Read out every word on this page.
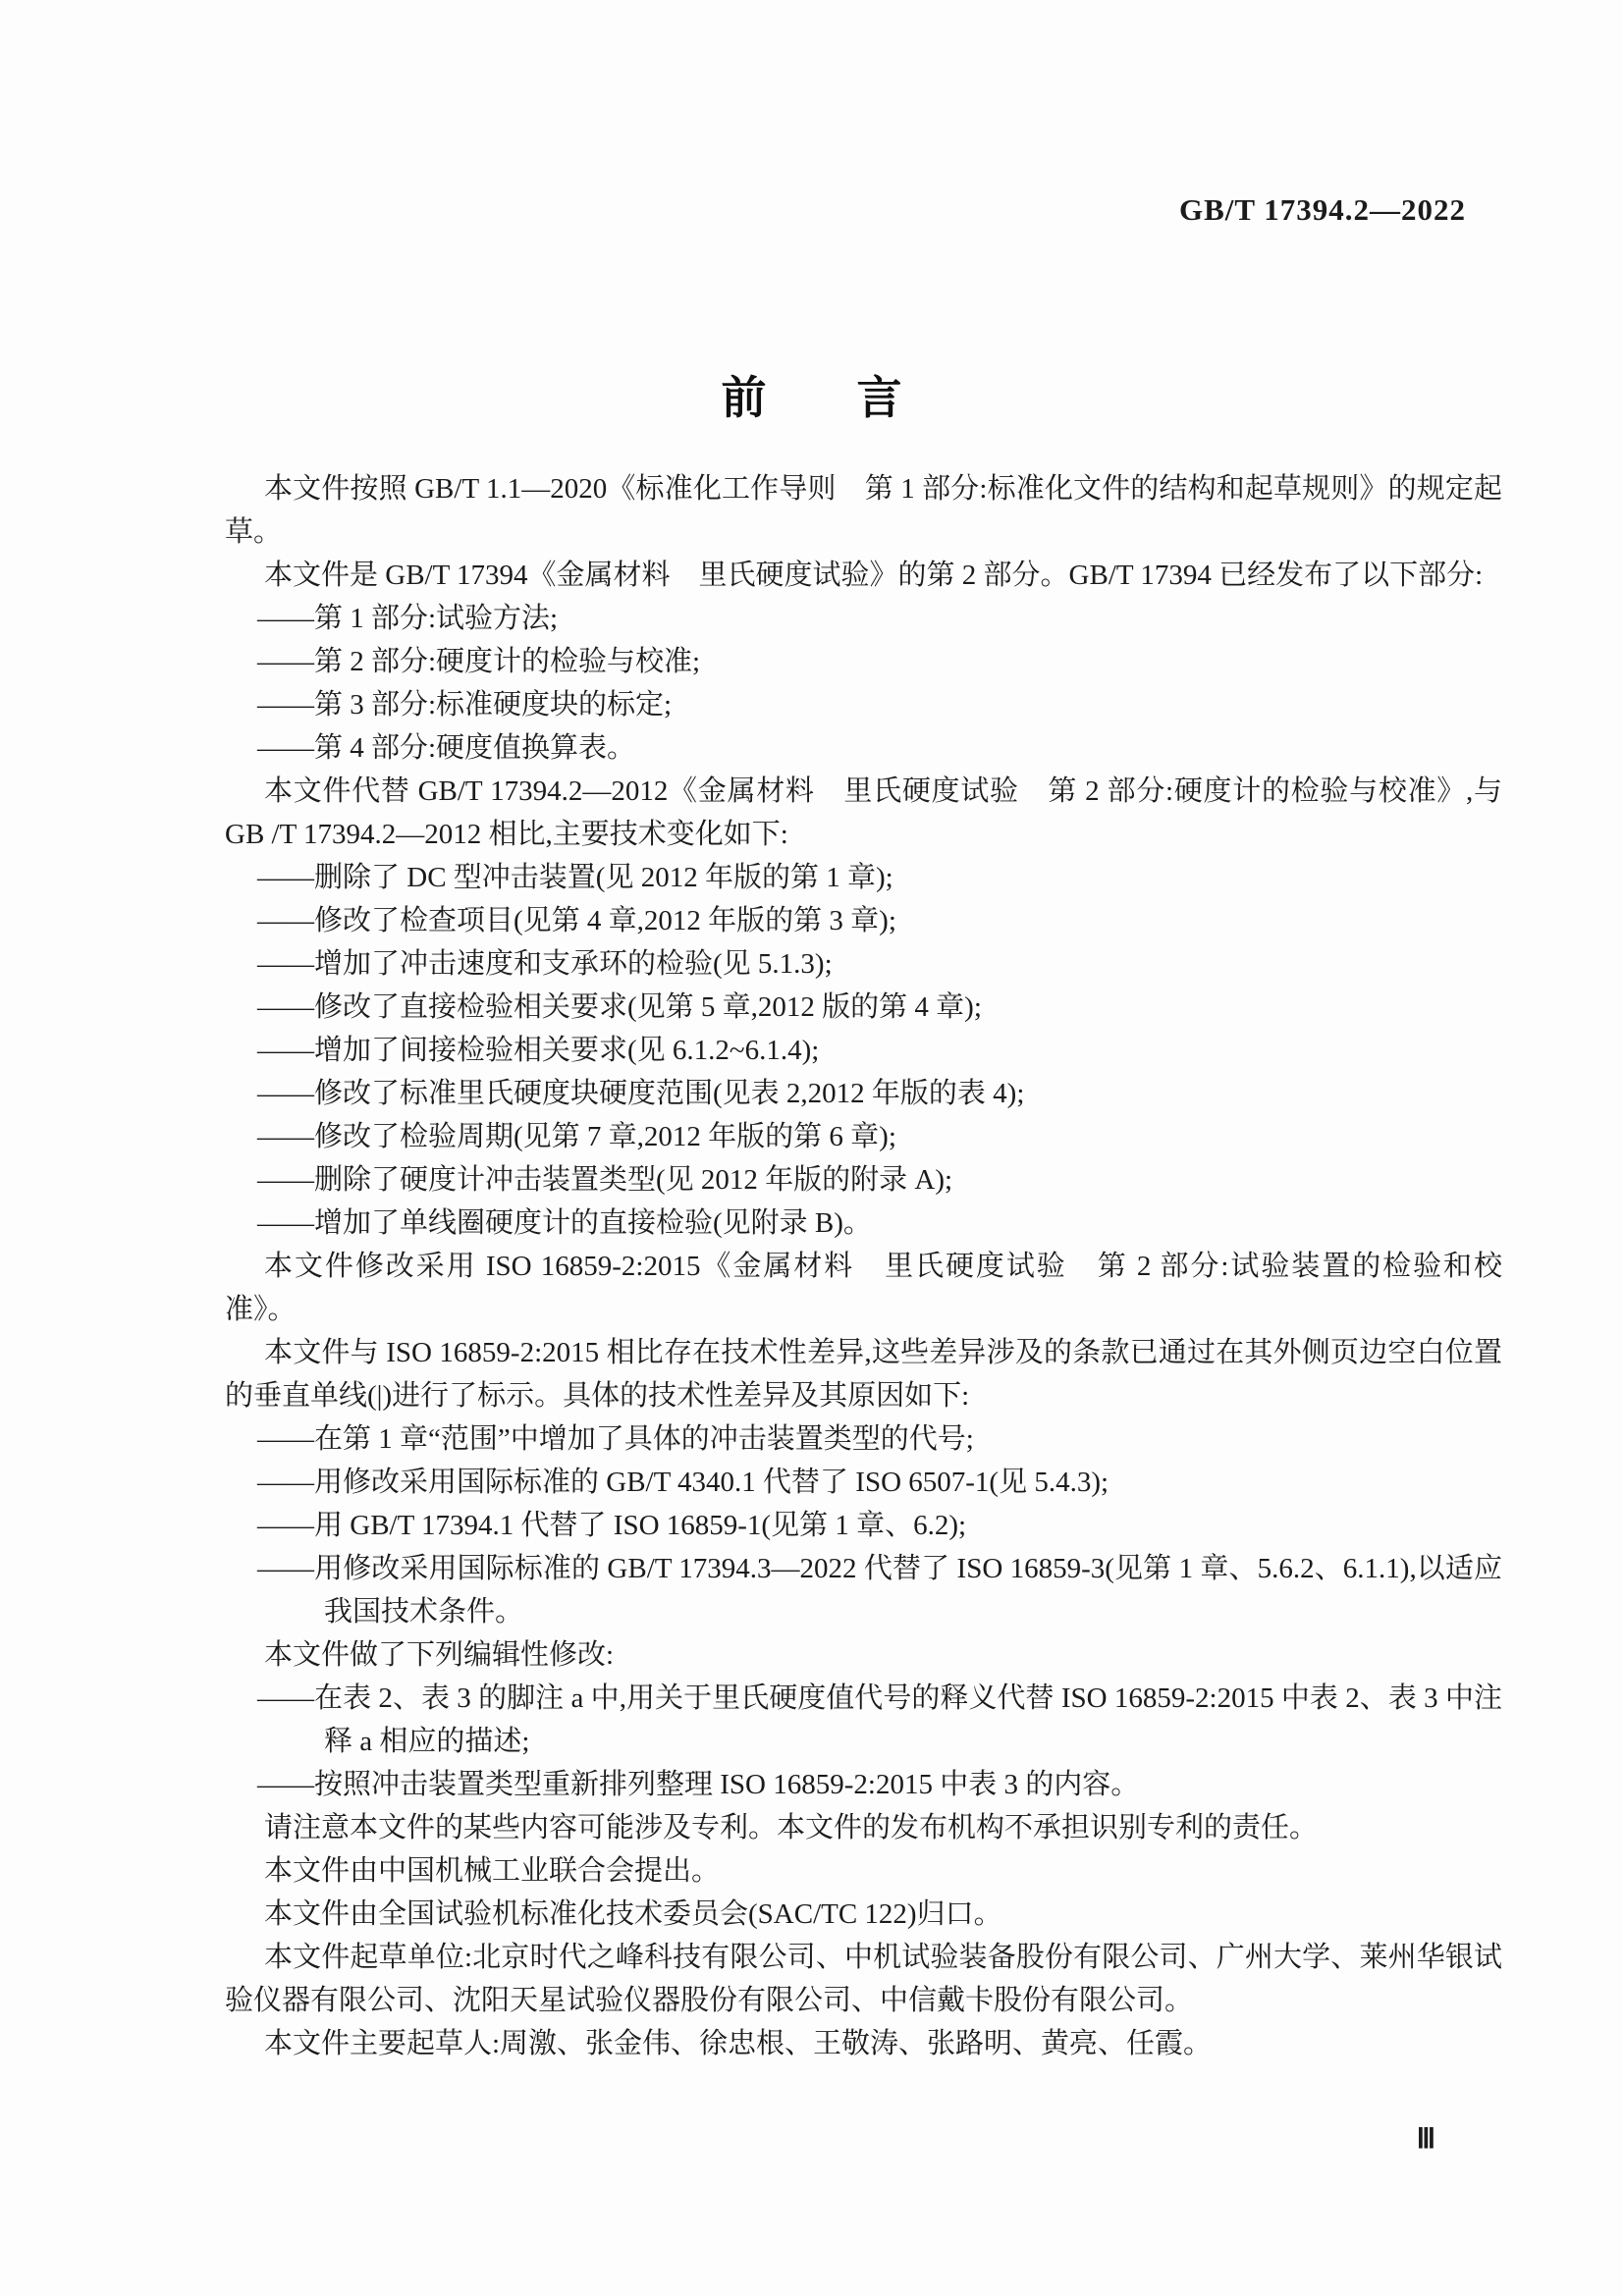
GB/T 17394.2—2022
前　　言

本文件按照 GB/T 1.1—2020《标准化工作导则　第 1 部分:标准化文件的结构和起草规则》的规定起草。

本文件是 GB/T 17394《金属材料　里氏硬度试验》的第 2 部分。GB/T 17394 已经发布了以下部分:

——第 1 部分:试验方法;

——第 2 部分:硬度计的检验与校准;

——第 3 部分:标准硬度块的标定;

——第 4 部分:硬度值换算表。

本文件代替 GB/T 17394.2—2012《金属材料　里氏硬度试验　第 2 部分:硬度计的检验与校准》,与 GB /T 17394.2—2012 相比,主要技术变化如下:

——删除了 DC 型冲击装置(见 2012 年版的第 1 章);

——修改了检查项目(见第 4 章,2012 年版的第 3 章);

——增加了冲击速度和支承环的检验(见 5.1.3);

——修改了直接检验相关要求(见第 5 章,2012 版的第 4 章);

——增加了间接检验相关要求(见 6.1.2~6.1.4);

——修改了标准里氏硬度块硬度范围(见表 2,2012 年版的表 4);

——修改了检验周期(见第 7 章,2012 年版的第 6 章);

——删除了硬度计冲击装置类型(见 2012 年版的附录 A);

——增加了单线圈硬度计的直接检验(见附录 B)。

本文件修改采用 ISO 16859-2:2015《金属材料　里氏硬度试验　第 2 部分:试验装置的检验和校准》。

本文件与 ISO 16859-2:2015 相比存在技术性差异,这些差异涉及的条款已通过在其外侧页边空白位置的垂直单线(|)进行了标示。具体的技术性差异及其原因如下:

——在第 1 章“范围”中增加了具体的冲击装置类型的代号;

——用修改采用国际标准的 GB/T 4340.1 代替了 ISO 6507-1(见 5.4.3);

——用 GB/T 17394.1 代替了 ISO 16859-1(见第 1 章、6.2);

——用修改采用国际标准的 GB/T 17394.3—2022 代替了 ISO 16859-3(见第 1 章、5.6.2、6.1.1),以适应我国技术条件。

本文件做了下列编辑性修改:

——在表 2、表 3 的脚注 a 中,用关于里氏硬度值代号的释义代替 ISO 16859-2:2015 中表 2、表 3 中注释 a 相应的描述;

——按照冲击装置类型重新排列整理 ISO 16859-2:2015 中表 3 的内容。

请注意本文件的某些内容可能涉及专利。本文件的发布机构不承担识别专利的责任。

本文件由中国机械工业联合会提出。

本文件由全国试验机标准化技术委员会(SAC/TC 122)归口。

本文件起草单位:北京时代之峰科技有限公司、中机试验装备股份有限公司、广州大学、莱州华银试验仪器有限公司、沈阳天星试验仪器股份有限公司、中信戴卡股份有限公司。

本文件主要起草人:周激、张金伟、徐忠根、王敬涛、张路明、黄亮、任霞。

Ⅲ
